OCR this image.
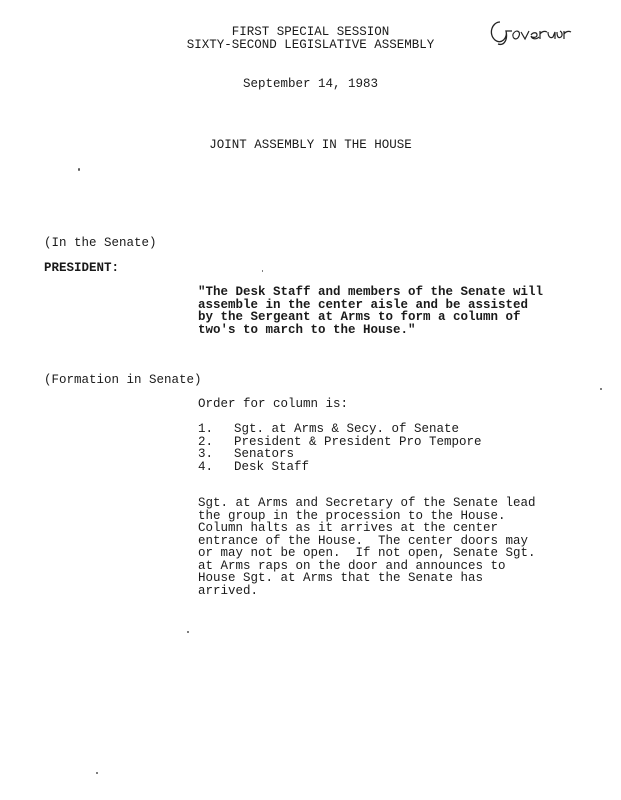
FIRST SPECIAL SESSION
SIXTY-SECOND LEGISLATIVE ASSEMBLY
September 14, 1983
JOINT ASSEMBLY IN THE HOUSE
(In the Senate)
PRESIDENT:
"The Desk Staff and members of the Senate will
assemble in the center aisle and be assisted
by the Sergeant at Arms to form a column of
two's to march to the House."
(Formation in Senate)
Order for column is:
1. Sgt. at Arms & Secy. of Senate
2. President & President Pro Tempore
3. Senators
4. Desk Staff
Sgt. at Arms and Secretary of the Senate lead
the group in the procession to the House.
Column halts as it arrives at the center
entrance of the House.  The center doors may
or may not be open.  If not open, Senate Sgt.
at Arms raps on the door and announces to
House Sgt. at Arms that the Senate has
arrived.
